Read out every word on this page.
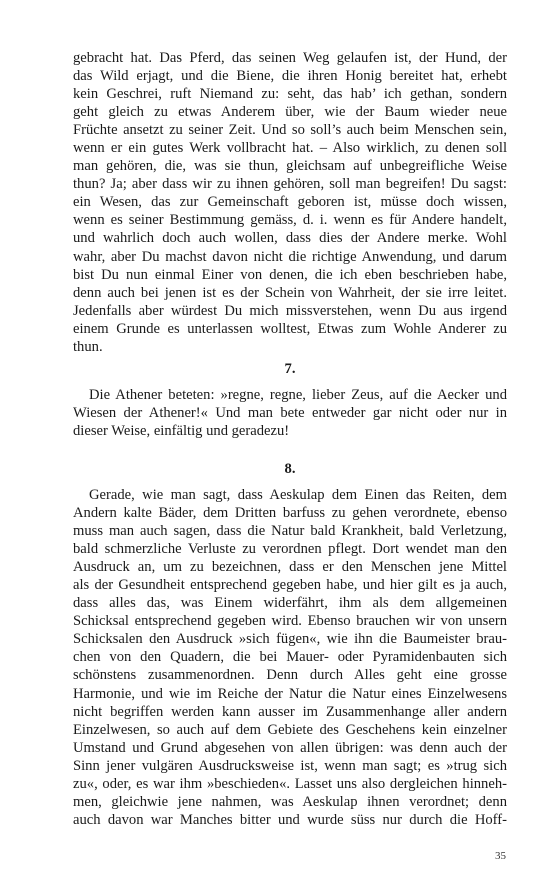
gebracht hat. Das Pferd, das seinen Weg gelaufen ist, der Hund, der
das Wild erjagt, und die Biene, die ihren Honig bereitet hat, erhebt
kein Geschrei, ruft Niemand zu: seht, das hab’ ich gethan, sondern
geht gleich zu etwas Anderem über, wie der Baum wieder neue
Früchte ansetzt zu seiner Zeit. Und so soll’s auch beim Menschen sein,
wenn er ein gutes Werk vollbracht hat. – Also wirklich, zu denen soll
man gehören, die, was sie thun, gleichsam auf unbegreifliche Weise
thun? Ja; aber dass wir zu ihnen gehören, soll man begreifen! Du sagst:
ein Wesen, das zur Gemeinschaft geboren ist, müsse doch wissen,
wenn es seiner Bestimmung gemäss, d. i. wenn es für Andere handelt,
und wahrlich doch auch wollen, dass dies der Andere merke. Wohl
wahr, aber Du machst davon nicht die richtige Anwendung, und darum
bist Du nun einmal Einer von denen, die ich eben beschrieben habe,
denn auch bei jenen ist es der Schein von Wahrheit, der sie irre leitet.
Jedenfalls aber würdest Du mich missverstehen, wenn Du aus irgend
einem Grunde es unterlassen wolltest, Etwas zum Wohle Anderer zu
thun.
7.
Die Athener beteten: »regne, regne, lieber Zeus, auf die Aecker und
Wiesen der Athener!« Und man bete entweder gar nicht oder nur in
dieser Weise, einfältig und geradezu!
8.
Gerade, wie man sagt, dass Aeskulap dem Einen das Reiten, dem
Andern kalte Bäder, dem Dritten barfuss zu gehen verordnete, ebenso
muss man auch sagen, dass die Natur bald Krankheit, bald Verletzung,
bald schmerzliche Verluste zu verordnen pflegt. Dort wendet man den
Ausdruck an, um zu bezeichnen, dass er den Menschen jene Mittel
als der Gesundheit entsprechend gegeben habe, und hier gilt es ja auch,
dass alles das, was Einem widerfährt, ihm als dem allgemeinen
Schicksal entsprechend gegeben wird. Ebenso brauchen wir von unsern
Schicksalen den Ausdruck »sich fügen«, wie ihn die Baumeister brau-
chen von den Quadern, die bei Mauer- oder Pyramidenbauten sich
schönstens zusammenordnen. Denn durch Alles geht eine grosse
Harmonie, und wie im Reiche der Natur die Natur eines Einzelwesens
nicht begriffen werden kann ausser im Zusammenhange aller andern
Einzelwesen, so auch auf dem Gebiete des Geschehens kein einzelner
Umstand und Grund abgesehen von allen übrigen: was denn auch der
Sinn jener vulgären Ausdrucksweise ist, wenn man sagt; es »trug sich
zu«, oder, es war ihm »beschieden«. Lasset uns also dergleichen hinneh-
men, gleichwie jene nahmen, was Aeskulap ihnen verordnet; denn
auch davon war Manches bitter und wurde süss nur durch die Hoff-
35
